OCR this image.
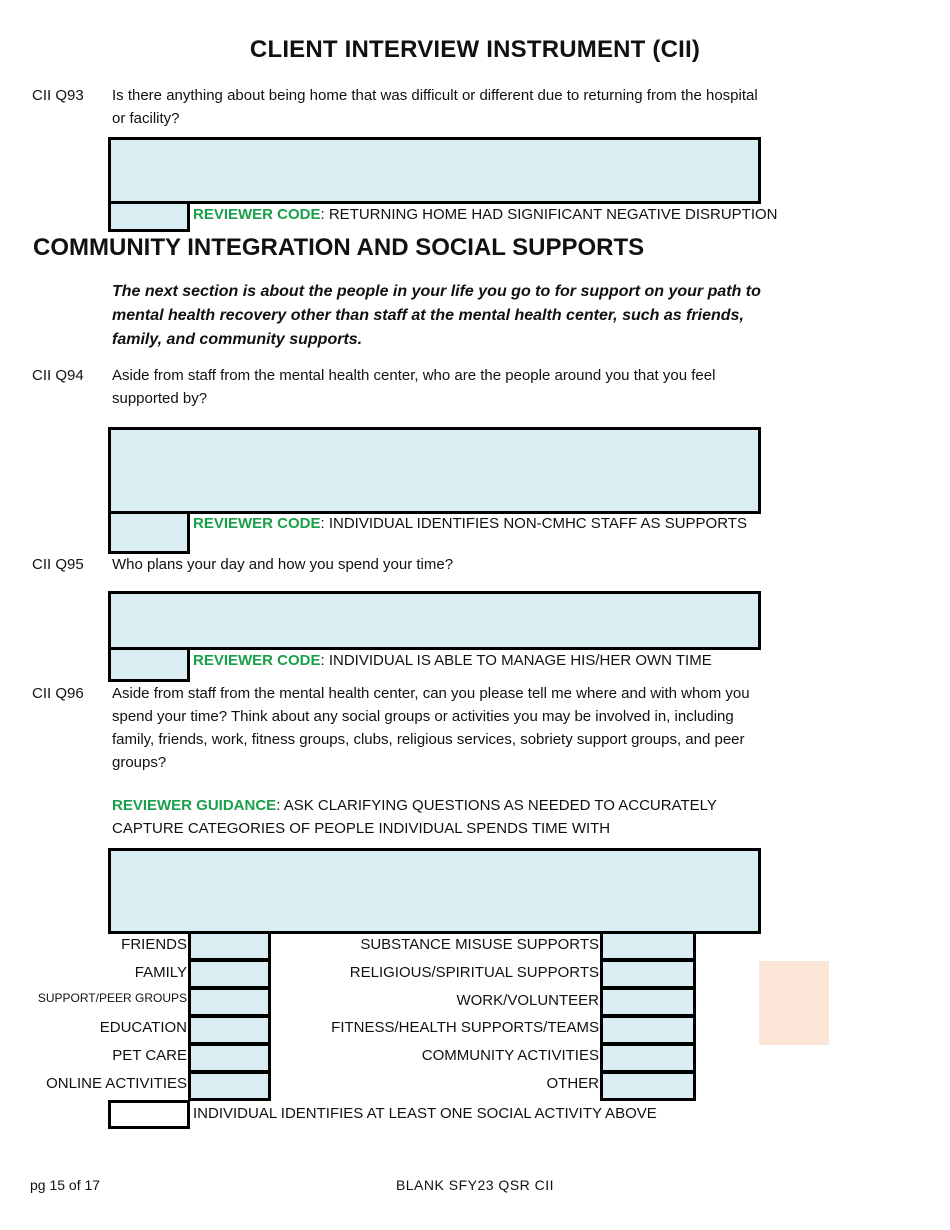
CLIENT INTERVIEW INSTRUMENT (CII)
CII Q93 Is there anything about being home that was difficult or different due to returning from the hospital or facility?
REVIEWER CODE: RETURNING HOME HAD SIGNIFICANT NEGATIVE DISRUPTION
COMMUNITY INTEGRATION AND SOCIAL SUPPORTS
The next section is about the people in your life you go to for support on your path to mental health recovery other than staff at the mental health center, such as friends, family, and community supports.
CII Q94 Aside from staff from the mental health center, who are the people around you that you feel supported by?
REVIEWER CODE: INDIVIDUAL IDENTIFIES NON-CMHC STAFF AS SUPPORTS
CII Q95 Who plans your day and how you spend your time?
REVIEWER CODE: INDIVIDUAL IS ABLE TO MANAGE HIS/HER OWN TIME
CII Q96 Aside from staff from the mental health center, can you please tell me where and with whom you spend your time? Think about any social groups or activities you may be involved in, including family, friends, work, fitness groups, clubs, religious services, sobriety support groups, and peer groups?
REVIEWER GUIDANCE: ASK CLARIFYING QUESTIONS AS NEEDED TO ACCURATELY CAPTURE CATEGORIES OF PEOPLE INDIVIDUAL SPENDS TIME WITH
FRIENDS
FAMILY
SUPPORT/PEER GROUPS
EDUCATION
PET CARE
ONLINE ACTIVITIES
SUBSTANCE MISUSE SUPPORTS
RELIGIOUS/SPIRITUAL SUPPORTS
WORK/VOLUNTEER
FITNESS/HEALTH SUPPORTS/TEAMS
COMMUNITY ACTIVITIES
OTHER
INDIVIDUAL IDENTIFIES AT LEAST ONE SOCIAL ACTIVITY ABOVE
pg 15 of 17	BLANK SFY23 QSR CII
